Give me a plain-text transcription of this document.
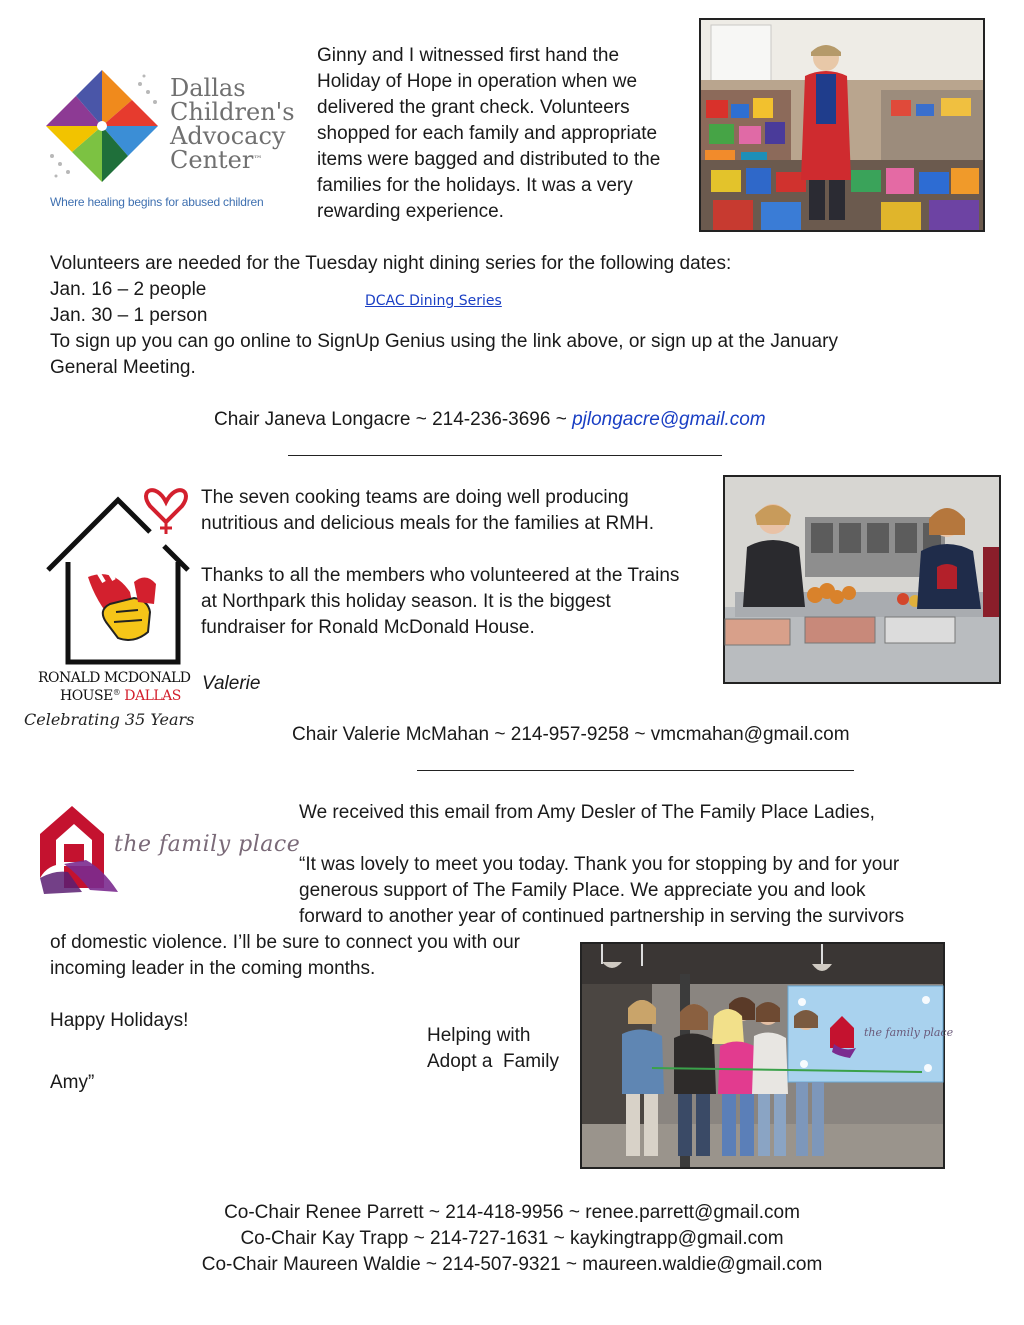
Dallas
Children's
Advocacy
Center™
Where healing begins for abused children
Ginny and I witnessed first hand the
Holiday of Hope in operation when we
delivered the grant check. Volunteers
shopped for each family and appropriate
items were bagged and distributed to the
families for the holidays. It was a very
rewarding experience.
Volunteers are needed for the Tuesday night dining series for the following dates:
Jan. 16 – 2 people
DCAC Dining Series
Jan. 30 – 1 person
To sign up you can go online to SignUp Genius using the link above, or sign up at the January
General Meeting.
Chair Janeva Longacre ~ 214-236-3696 ~ pjlongacre@gmail.com
RONALD MCDONALD
HOUSE® DALLAS
Celebrating 35 Years
The seven cooking teams are doing well producing
nutritious and delicious meals for the families at RMH.
Thanks to all the members who volunteered at the Trains
at Northpark this holiday season. It is the biggest
fundraiser for Ronald McDonald House.
Valerie
Chair Valerie McMahan ~ 214-957-9258 ~ vmcmahan@gmail.com
the family place
We received this email from Amy Desler of The Family Place Ladies,
“It was lovely to meet you today. Thank you for stopping by and for your
generous support of The Family Place. We appreciate you and look
forward to another year of continued partnership in serving the survivors
of domestic violence. I’ll be sure to connect you with our
incoming leader in the coming months.
Happy Holidays!
Amy”
Helping with
Adopt a  Family
the family place
Co-Chair Renee Parrett ~ 214-418-9956 ~ renee.parrett@gmail.com
Co-Chair Kay Trapp ~ 214-727-1631 ~ kaykingtrapp@gmail.com
Co-Chair Maureen Waldie ~ 214-507-9321 ~ maureen.waldie@gmail.com
